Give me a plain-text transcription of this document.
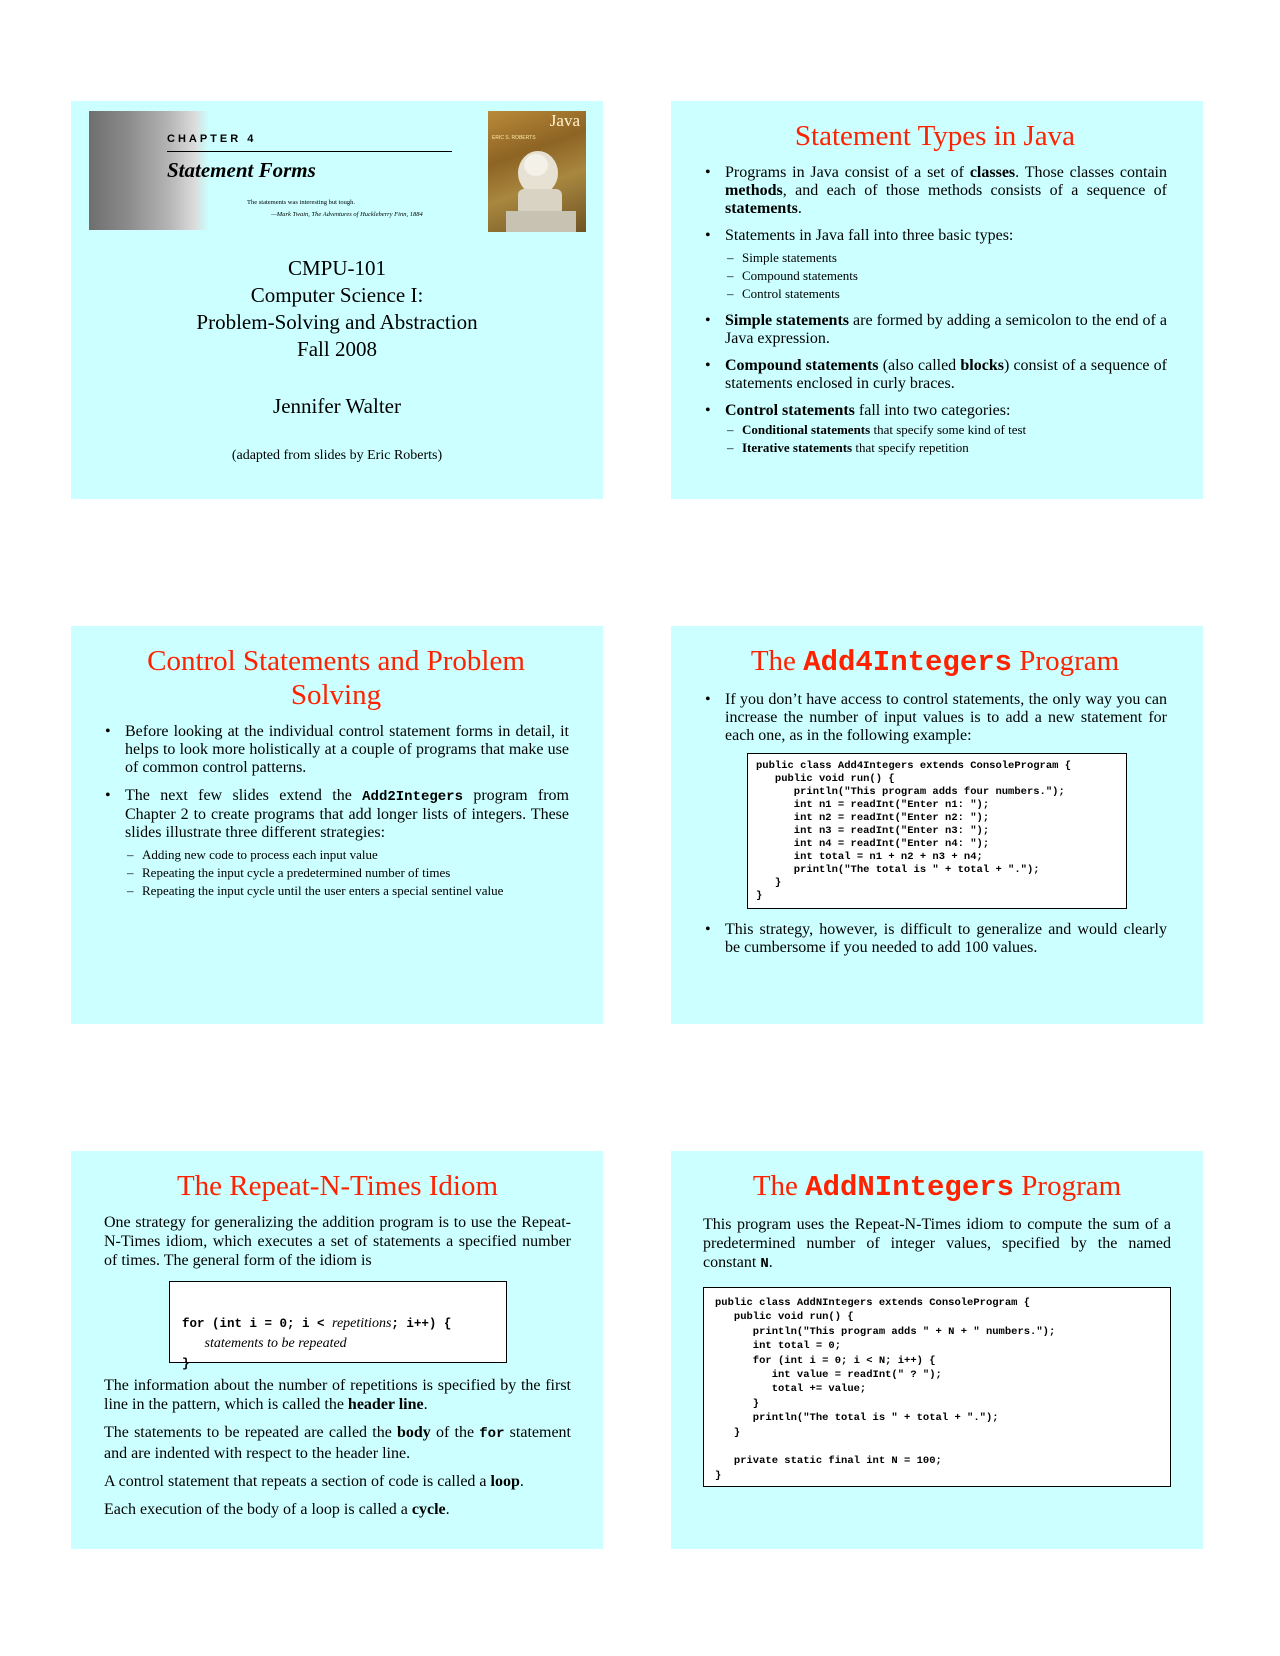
CHAPTER 4
Statement Forms
The statements was interesting but tough.
—Mark Twain, The Adventures of Huckleberry Finn, 1884
Java
ERIC S. ROBERTS
CMPU-101
Computer Science I:
Problem-Solving and Abstraction
Fall 2008
Jennifer Walter
(adapted from slides by Eric Roberts)
Statement Types in Java
• Programs in Java consist of a set of classes. Those classes contain methods, and each of those methods consists of a sequence of statements.
• Statements in Java fall into three basic types:
– Simple statements
– Compound statements
– Control statements
• Simple statements are formed by adding a semicolon to the end of a Java expression.
• Compound statements (also called blocks) consist of a sequence of statements enclosed in curly braces.
• Control statements fall into two categories:
– Conditional statements that specify some kind of test
– Iterative statements that specify repetition
Control Statements and Problem Solving
• Before looking at the individual control statement forms in detail, it helps to look more holistically at a couple of programs that make use of common control patterns.
• The next few slides extend the Add2Integers program from Chapter 2 to create programs that add longer lists of integers. These slides illustrate three different strategies:
– Adding new code to process each input value
– Repeating the input cycle a predetermined number of times
– Repeating the input cycle until the user enters a special sentinel value
The Add4Integers Program
• If you don’t have access to control statements, the only way you can increase the number of input values is to add a new statement for each one, as in the following example:
public class Add4Integers extends ConsoleProgram {
public void run() {
println("This program adds four numbers.");
int n1 = readInt("Enter n1: ");
int n2 = readInt("Enter n2: ");
int n3 = readInt("Enter n3: ");
int n4 = readInt("Enter n4: ");
int total = n1 + n2 + n3 + n4;
println("The total is " + total + ".");
}
}
• This strategy, however, is difficult to generalize and would clearly be cumbersome if you needed to add 100 values.
The Repeat-N-Times Idiom

One strategy for generalizing the addition program is to use the Repeat-N-Times idiom, which executes a set of statements a specified number of times. The general form of the idiom is

for (int i = 0; i < repetitions; i++) {
statements to be repeated
}

The information about the number of repetitions is specified by the first line in the pattern, which is called the header line.

The statements to be repeated are called the body of the for statement and are indented with respect to the header line.

A control statement that repeats a section of code is called a loop.

Each execution of the body of a loop is called a cycle.

The AddNIntegers Program

This program uses the Repeat-N-Times idiom to compute the sum of a predetermined number of integer values, specified by the named constant N.

public class AddNIntegers extends ConsoleProgram {
public void run() {
println("This program adds " + N + " numbers.");
int total = 0;
for (int i = 0; i < N; i++) {
int value = readInt(" ? ");
total += value;
}
println("The total is " + total + ".");
}

private static final int N = 100;
}
